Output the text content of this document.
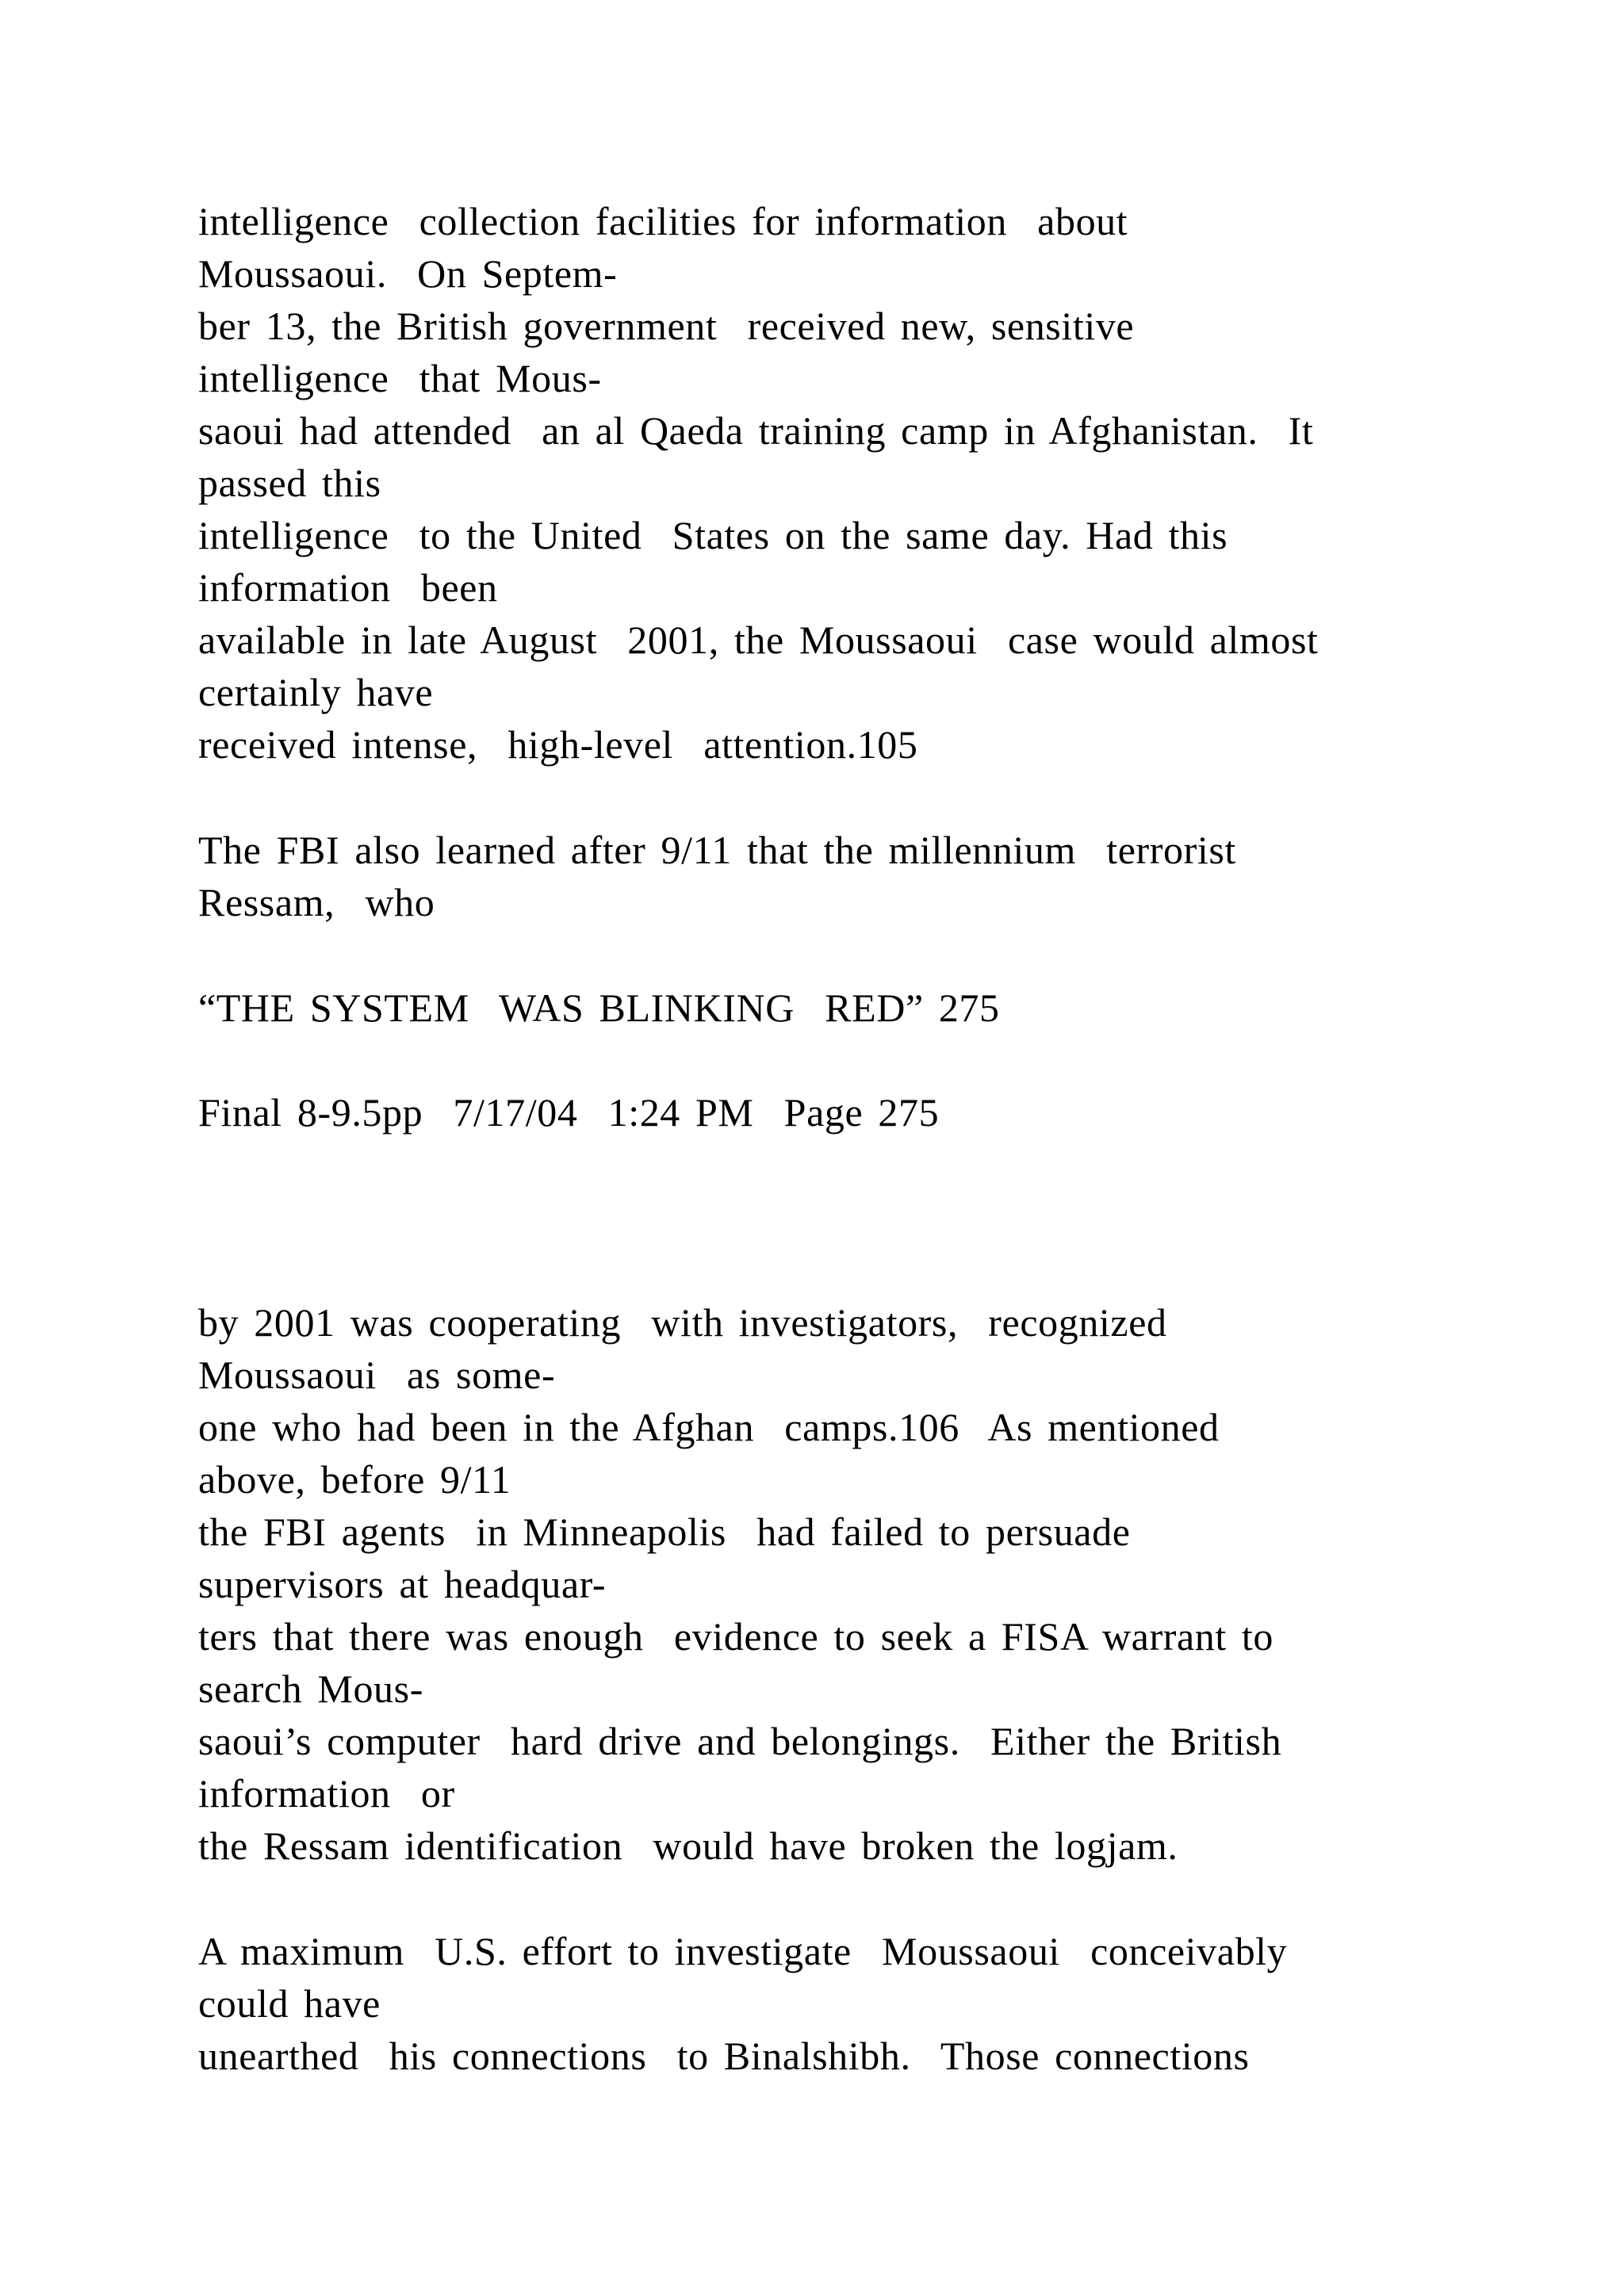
intelligence  collection facilities for information  about
Moussaoui.  On Septem-
ber 13, the British government  received new, sensitive
intelligence  that Mous-
saoui had attended  an al Qaeda training camp in Afghanistan.  It
passed this
intelligence  to the United  States on the same day. Had this
information  been
available in late August  2001, the Moussaoui  case would almost
certainly have
received intense,  high-level  attention.105
The FBI also learned after 9/11 that the millennium  terrorist
Ressam,  who
“THE SYSTEM  WAS BLINKING  RED” 275
Final 8-9.5pp  7/17/04  1:24 PM  Page 275
by 2001 was cooperating  with investigators,  recognized
Moussaoui  as some-
one who had been in the Afghan  camps.106  As mentioned
above, before 9/11
the FBI agents  in Minneapolis  had failed to persuade
supervisors at headquar-
ters that there was enough  evidence to seek a FISA warrant to
search Mous-
saoui’s computer  hard drive and belongings.  Either the British
information  or
the Ressam identification  would have broken the logjam.
A maximum  U.S. effort to investigate  Moussaoui  conceivably
could have
unearthed  his connections  to Binalshibh.  Those connections
